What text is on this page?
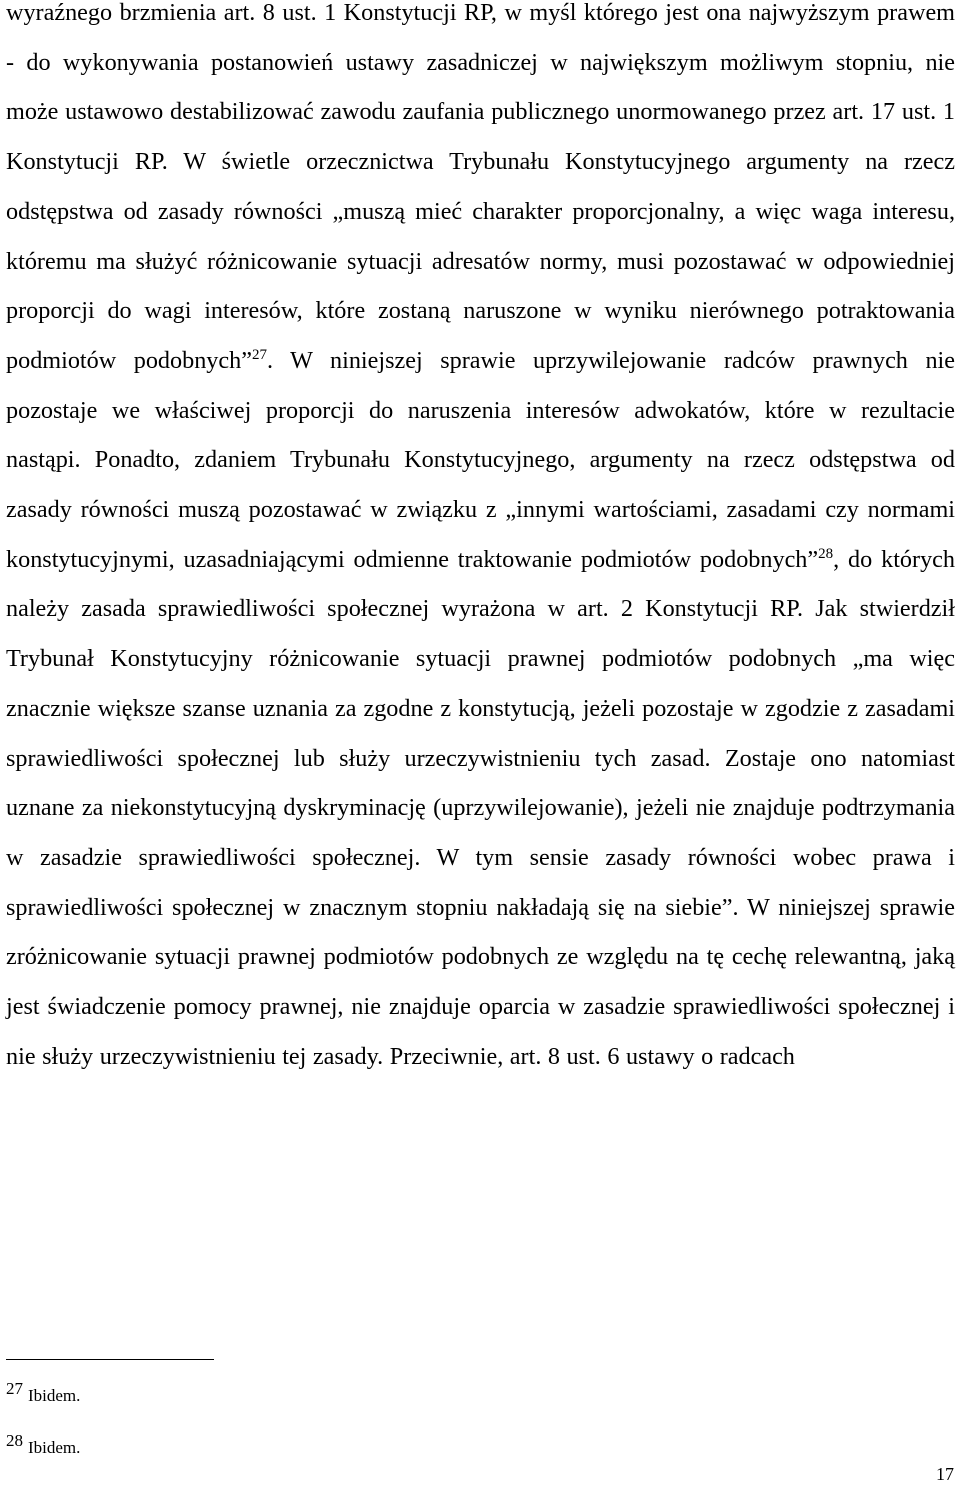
wyraźnego brzmienia art. 8 ust. 1 Konstytucji RP, w myśl którego jest ona najwyższym prawem - do wykonywania postanowień ustawy zasadniczej w największym możliwym stopniu, nie może ustawowo destabilizować zawodu zaufania publicznego unormowanego przez art. 17 ust. 1 Konstytucji RP. W świetle orzecznictwa Trybunału Konstytucyjnego argumenty na rzecz odstępstwa od zasady równości „muszą mieć charakter proporcjonalny, a więc waga interesu, któremu ma służyć różnicowanie sytuacji adresatów normy, musi pozostawać w odpowiedniej proporcji do wagi interesów, które zostaną naruszone w wyniku nierównego potraktowania podmiotów podobnych”$^{27}$. W niniejszej sprawie uprzywilejowanie radców prawnych nie pozostaje we właściwej proporcji do naruszenia interesów adwokatów, które w rezultacie nastąpi. Ponadto, zdaniem Trybunału Konstytucyjnego, argumenty na rzecz odstępstwa od zasady równości muszą pozostawać w związku z „innymi wartościami, zasadami czy normami konstytucyjnymi, uzasadniającymi odmienne traktowanie podmiotów podobnych”$^{28}$, do których należy zasada sprawiedliwości społecznej wyrażona w art. 2 Konstytucji RP. Jak stwierdził Trybunał Konstytucyjny różnicowanie sytuacji prawnej podmiotów podobnych „ma więc znacznie większe szanse uznania za zgodne z konstytucją, jeżeli pozostaje w zgodzie z zasadami sprawiedliwości społecznej lub służy urzeczywistnieniu tych zasad. Zostaje ono natomiast uznane za niekonstytucyjną dyskryminację (uprzywilejowanie), jeżeli nie znajduje podtrzymania w zasadzie sprawiedliwości społecznej. W tym sensie zasady równości wobec prawa i sprawiedliwości społecznej w znacznym stopniu nakładają się na siebie”. W niniejszej sprawie zróżnicowanie sytuacji prawnej podmiotów podobnych ze względu na tę cechę relewantną, jaką jest świadczenie pomocy prawnej, nie znajduje oparcia w zasadzie sprawiedliwości społecznej i nie służy urzeczywistnieniu tej zasady. Przeciwnie, art. 8 ust. 6 ustawy o radcach

27 Ibidem.
28 Ibidem.
17
